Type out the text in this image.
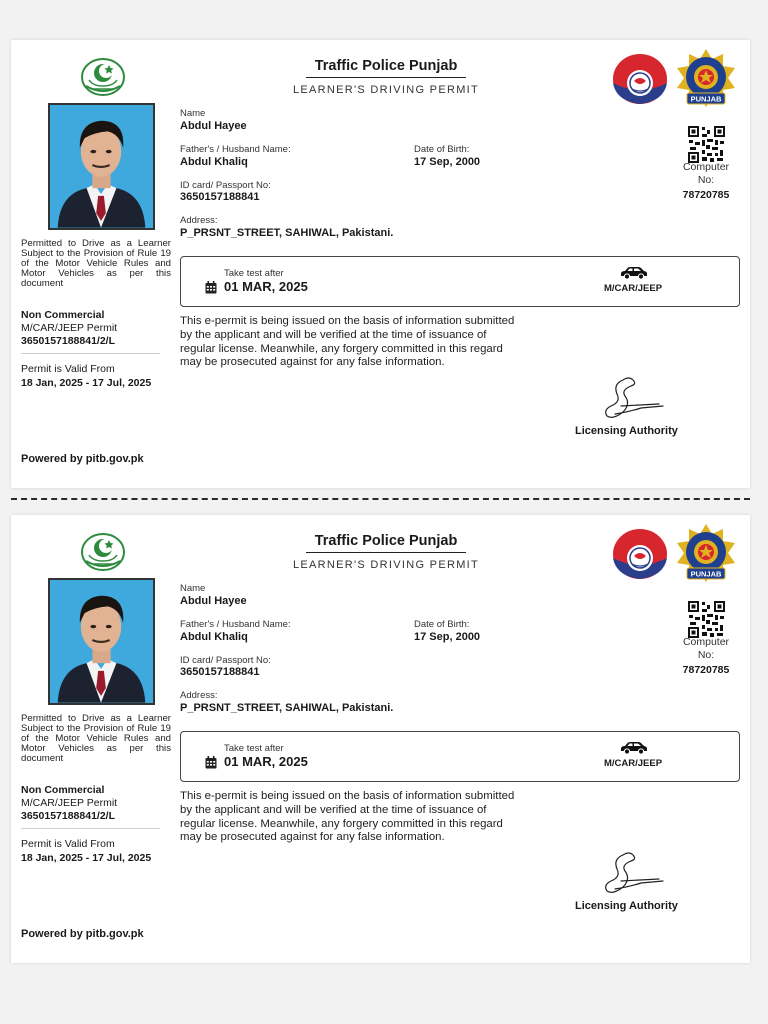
Permitted to Drive as a Learner Subject to the Provision of Rule 19 of the Motor Vehicle Rules and Motor Vehicles as per this document
Non Commercial
M/CAR/JEEP Permit
3650157188841/2/L
Permit is Valid From
18 Jan, 2025 - 17 Jul, 2025
Powered by pitb.gov.pk
Traffic Police Punjab
LEARNER'S DRIVING PERMIT
PUNJAB
Computer No:
78720785
Name
Abdul Hayee
Father's / Husband Name:
Abdul Khaliq
Date of Birth:
17 Sep, 2000
ID card/ Passport No:
3650157188841
Address:
P_PRSNT_STREET, SAHIWAL, Pakistani.
Take test after
01 MAR, 2025	M/CAR/JEEP
This e-permit is being issued on the basis of information submitted by the applicant and will be verified at the time of issuance of regular license. Meanwhile, any forgery committed in this regard may be prosecuted against for any false information.
Licensing Authority
Permitted to Drive as a Learner Subject to the Provision of Rule 19 of the Motor Vehicle Rules and Motor Vehicles as per this document
Non Commercial
M/CAR/JEEP Permit
3650157188841/2/L
Permit is Valid From
18 Jan, 2025 - 17 Jul, 2025
Powered by pitb.gov.pk
Traffic Police Punjab
LEARNER'S DRIVING PERMIT
PUNJAB
Computer No:
78720785
Name
Abdul Hayee
Father's / Husband Name:
Abdul Khaliq
Date of Birth:
17 Sep, 2000
ID card/ Passport No:
3650157188841
Address:
P_PRSNT_STREET, SAHIWAL, Pakistani.
Take test after
01 MAR, 2025	M/CAR/JEEP
This e-permit is being issued on the basis of information submitted by the applicant and will be verified at the time of issuance of regular license. Meanwhile, any forgery committed in this regard may be prosecuted against for any false information.
Licensing Authority
